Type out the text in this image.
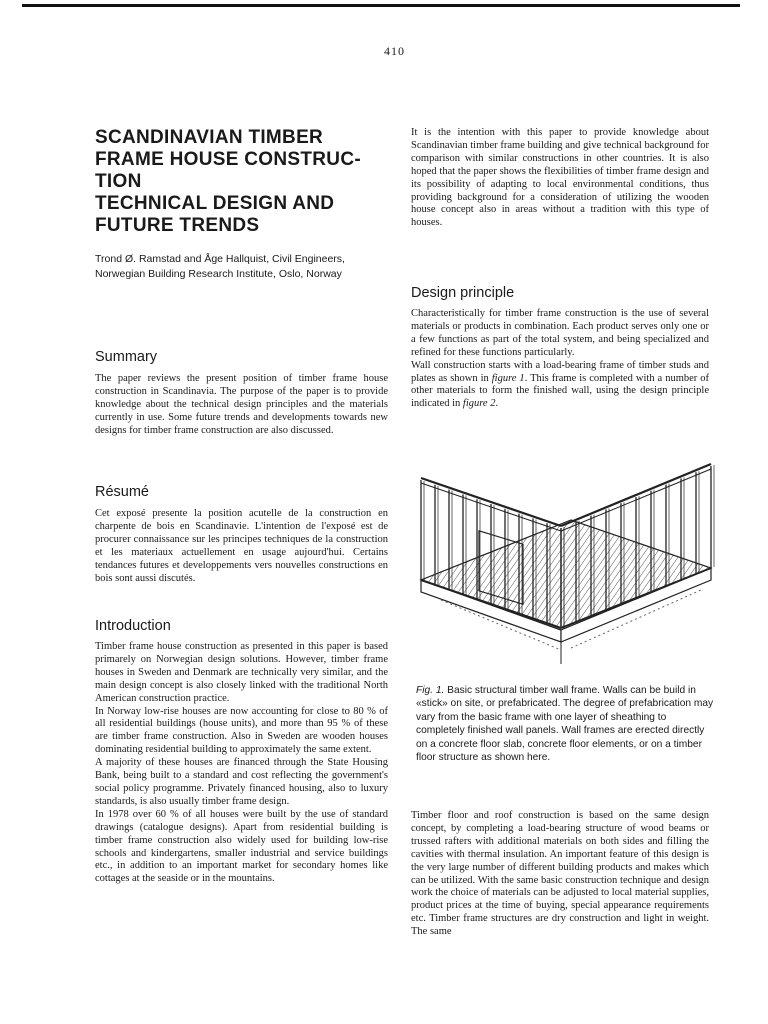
410
SCANDINAVIAN TIMBER
FRAME HOUSE CONSTRUC-
TION
TECHNICAL DESIGN AND
FUTURE TRENDS
Trond Ø. Ramstad and Åge Hallquist, Civil Engineers,
Norwegian Building Research Institute, Oslo, Norway
Summary
The paper reviews the present position of timber frame house construction in Scandinavia. The purpose of the paper is to provide knowledge about the technical design principles and the materials currently in use. Some future trends and developments towards new designs for timber frame construction are also discussed.
Résumé
Cet exposé presente la position acutelle de la construction en charpente de bois en Scandinavie. L'intention de l'exposé est de procurer connaissance sur les principes techniques de la construction et les materiaux actuellement en usage aujourd'hui. Certains tendances futures et developpements vers nouvelles constructions en bois sont aussi discutés.
Introduction

Timber frame house construction as presented in this paper is based primarely on Norwegian design solutions. However, timber frame houses in Sweden and Denmark are technically very similar, and the main design concept is also closely linked with the traditional North American construction practice.

In Norway low-rise houses are now accounting for close to 80 % of all residential buildings (house units), and more than 95 % of these are timber frame construction. Also in Sweden are wooden houses dominating residential building to approximately the same extent.

A majority of these houses are financed through the State Housing Bank, being built to a standard and cost reflecting the government's social policy programme. Privately financed housing, also to luxury standards, is also usually timber frame design.

In 1978 over 60 % of all houses were built by the use of standard drawings (catalogue designs). Apart from residential building is timber frame construction also widely used for building low-rise schools and kindergartens, smaller industrial and service buildings etc., in addition to an important market for secondary homes like cottages at the seaside or in the mountains.

It is the intention with this paper to provide knowledge about Scandinavian timber frame building and give technical background for comparison with similar constructions in other countries. It is also hoped that the paper shows the flexibilities of timber frame design and its possibility of adapting to local environmental conditions, thus providing background for a consideration of utilizing the wooden house concept also in areas without a tradition with this type of houses.
Design principle

Characteristically for timber frame construction is the use of several materials or products in combination. Each product serves only one or a few functions as part of the total system, and being specialized and refined for these functions particularly.

Wall construction starts with a load-bearing frame of timber studs and plates as shown in figure 1. This frame is completed with a number of other materials to form the finished wall, using the design principle indicated in figure 2.

Fig. 1. Basic structural timber wall frame. Walls can be build in «stick» on site, or prefabricated. The degree of prefabrication may vary from the basic frame with one layer of sheathing to completely finished wall panels. Wall frames are erected directly on a concrete floor slab, concrete floor elements, or on a timber floor structure as shown here.
Timber floor and roof construction is based on the same design concept, by completing a load-bearing structure of wood beams or trussed rafters with additional materials on both sides and filling the cavities with thermal insulation. An important feature of this design is the very large number of different building products and makes which can be utilized. With the same basic construction technique and design work the choice of materials can be adjusted to local material supplies, product prices at the time of buying, special appearance requirements etc. Timber frame structures are dry construction and light in weight. The same
